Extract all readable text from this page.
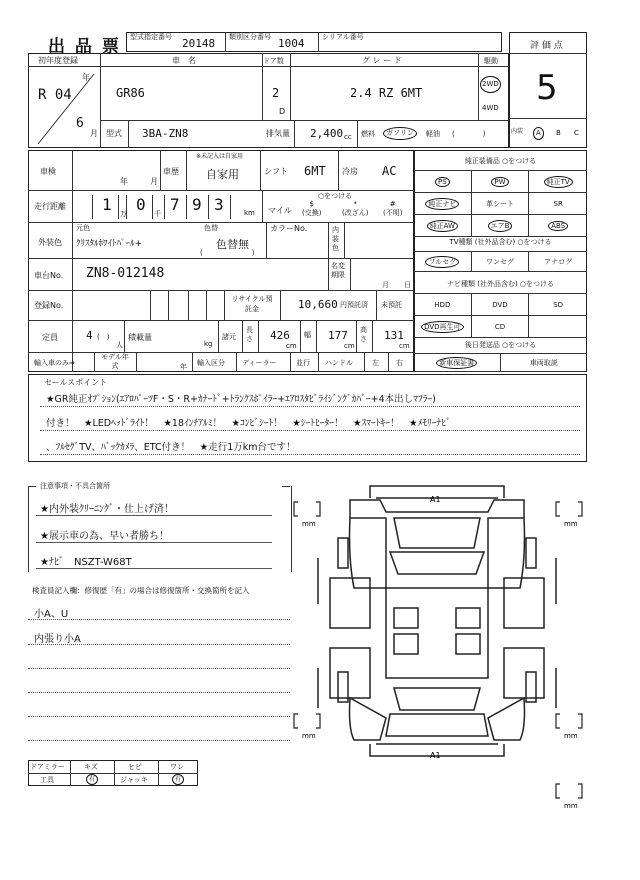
出 品 票 型式指定番号 20148 類別区分番号 1004	シリアル番号
評 価 点
5
初年度登録
R 04
年
6
月
車　名
GR86
ドア数
2
D
グ レ ー ド
2.4 RZ 6MT
駆動
2WD
4WD
型式 3BA-ZN8	排気量 2,400 cc 燃料	ガソリン	軽油 (　　　　)	内装	A	B C
車検
年	月
車歴
※未記入は自家用
自家用	シフト 6MT 冷房 AC
走行距離 1 万 0 千 7 9 3	km マイル
○をつける
$
(交換)
*
(改ざん)
#
(不明)
外装色
元色
ｸﾘｽﾀﾙﾎﾜｲﾄﾊﾟｰﾙ+
色替
色替無
(　　　　　　　)
カラーNo.	内装色
車台No. ZN8-012148	名変期限
月 日
登録No.
リサイクル預託金	10,660 円預託済 未預託
定員	4 (　)
人
積載量
kg
諸元
長さ 426
cm
幅 177
cm
高さ 131
cm
輸入車のみ⇒
モデル年式	年 輸入区分 ディーラー	並行 ハンドル	左 右
純正装備品 ○をつける
PS	PW	純正TV
純正ナビ	革シート	SR
純正AW	エアB	ABS
TV種類 (社外品含む) ○をつける
フルセグ	ワンセグ	アナログ
ナビ種類 (社外品含む) ○をつける
HDD	DVD	SD
DVD再生可	CD
後日発送品 ○をつける
新車保証書	車両取説
セールスポイント
★GR純正ｵﾌﾟｼｮﾝ(ｴｱﾛﾊﾟｰﾂF・S・R+ｶﾅｰﾄﾞ+ﾄﾗﾝｸｽﾎﾟｲﾗｰ+ｴｱﾛｽﾀﾋﾞﾗｲｼﾞﾝｸﾞｶﾊﾞｰ+4本出しﾏﾌﾗｰ)
付き！　★LEDﾍｯﾄﾞﾗｲﾄ！　★18ｲﾝﾁｱﾙﾐ！　★ｺﾝﾋﾞｼｰﾄ！　★ｼｰﾄﾋｰﾀｰ！　★ｽﾏｰﾄｷｰ！　★ﾒﾓﾘｰﾅﾋﾞ
、ﾌﾙｾｸﾞTV、ﾊﾞｯｸｶﾒﾗ、ETC付き！　★走行1万km台です！
注意事項・不具合箇所
★内外装ｸﾘｰﾆﾝｸﾞ・仕上げ済！
★展示車の為、早い者勝ち！
★ﾅﾋﾞ　NSZT-W68T
検査員記入欄：修復歴「有」の場合は修復箇所・交換箇所を記入
小A、U
内張り小A
ドアミラー	キズ	ヒビ	ワレ
工具	有	ジャッキ	有
A1
A1
mm	mm
mm	mm
mm
